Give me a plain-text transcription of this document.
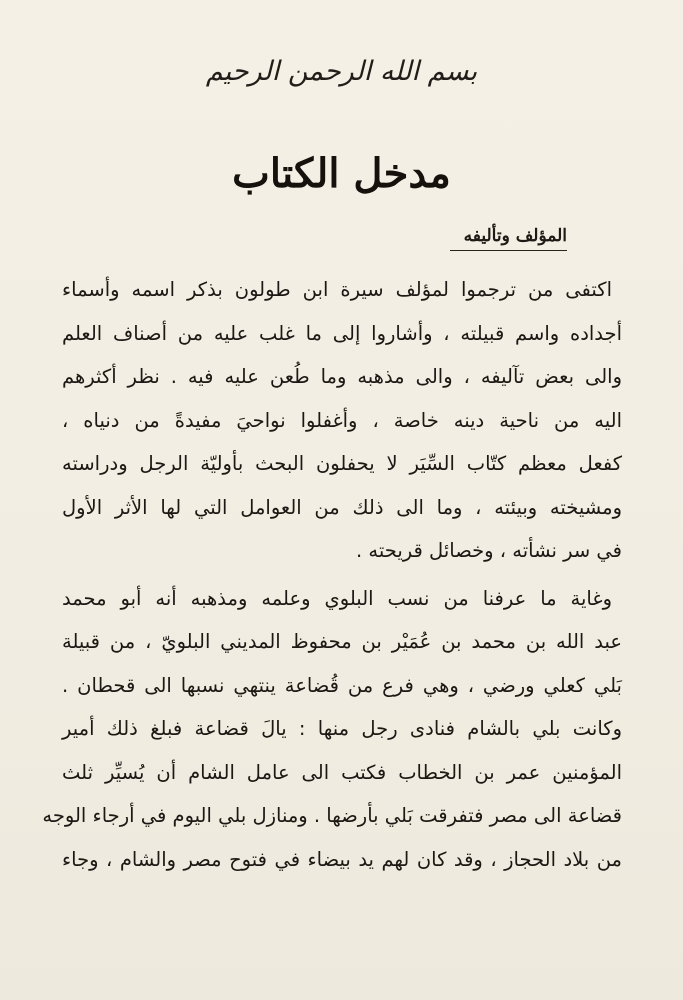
بسم الله الرحمن الرحيم
مدخل الكتاب
المؤلف وتأليفه
اكتفى من ترجموا لمؤلف سيرة ابن طولون بذكر اسمه وأسماء
أجداده واسم قبيلته ، وأشاروا إلى ما غلب عليه من أصناف العلم
والى بعض تآليفه ، والى مذهبه وما طُعن عليه فيه . نظر أكثرهم
اليه من ناحية دينه خاصة ، وأغفلوا نواحيَ مفيدةً من دنياه ،
كفعل معظم كتّاب السِّيَر لا يحفلون البحث بأوليّة الرجل ودراسته
ومشيخته وبيئته ، وما الى ذلك من العوامل التي لها الأثر الأول
في سر نشأته ، وخصائل قريحته .
وغاية ما عرفنا من نسب البلوي وعلمه ومذهبه أنه أبو محمد
عبد الله بن محمد بن عُمَيْر بن محفوظ المديني البلويّ ، من قبيلة
بَلي كعلي ورضي ، وهي فرع من قُضاعة ينتهي نسبها الى قحطان .
وكانت بلي بالشام فنادى رجل منها : يالَ قضاعة فبلغ ذلك أمير
المؤمنين عمر بن الخطاب فكتب الى عامل الشام أن يُسيِّر ثلث
قضاعة الى مصر فتفرقت بَلي بأرضها . ومنازل بلي اليوم في أرجاء الوجه
من بلاد الحجاز ، وقد كان لهم يد بيضاء في فتوح مصر والشام ، وجاء
